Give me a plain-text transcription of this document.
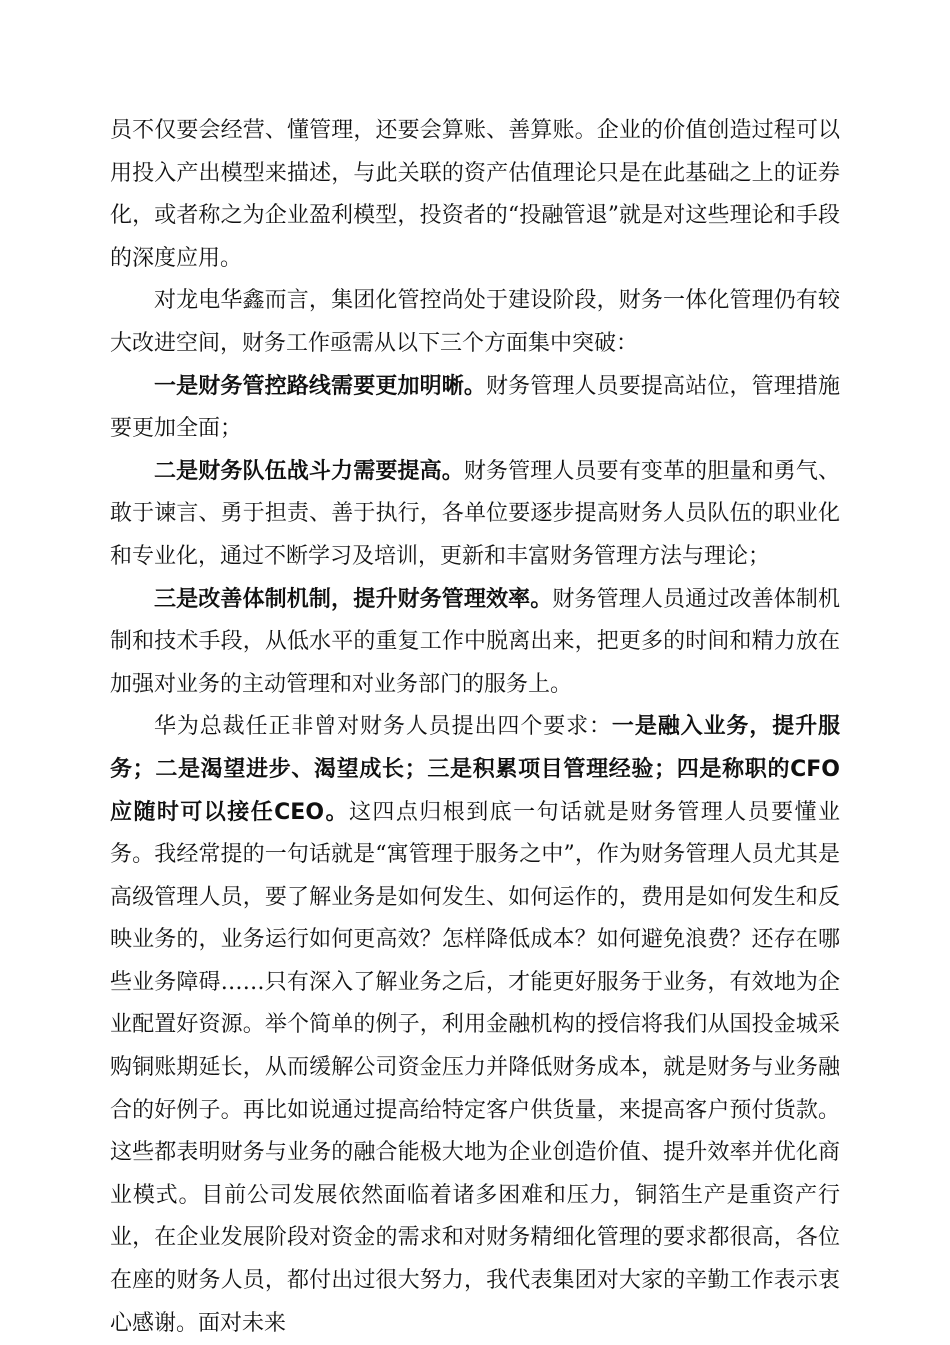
员不仅要会经营、懂管理，还要会算账、善算账。企业的价值创造过程可以用投入产出模型来描述，与此关联的资产估值理论只是在此基础之上的证券化，或者称之为企业盈利模型，投资者的“投融管退”就是对这些理论和手段的深度应用。

对龙电华鑫而言，集团化管控尚处于建设阶段，财务一体化管理仍有较大改进空间，财务工作亟需从以下三个方面集中突破：

一是财务管控路线需要更加明晰。财务管理人员要提高站位，管理措施要更加全面；

二是财务队伍战斗力需要提高。财务管理人员要有变革的胆量和勇气、敢于谏言、勇于担责、善于执行，各单位要逐步提高财务人员队伍的职业化和专业化，通过不断学习及培训，更新和丰富财务管理方法与理论；

三是改善体制机制，提升财务管理效率。财务管理人员通过改善体制机制和技术手段，从低水平的重复工作中脱离出来，把更多的时间和精力放在加强对业务的主动管理和对业务部门的服务上。

华为总裁任正非曾对财务人员提出四个要求：一是融入业务，提升服务；二是渴望进步、渴望成长；三是积累项目管理经验；四是称职的CFO应随时可以接任CEO。这四点归根到底一句话就是财务管理人员要懂业务。我经常提的一句话就是“寓管理于服务之中”，作为财务管理人员尤其是高级管理人员，要了解业务是如何发生、如何运作的，费用是如何发生和反映业务的，业务运行如何更高效？怎样降低成本？如何避免浪费？还存在哪些业务障碍……只有深入了解业务之后，才能更好服务于业务，有效地为企业配置好资源。举个简单的例子，利用金融机构的授信将我们从国投金城采购铜账期延长，从而缓解公司资金压力并降低财务成本，就是财务与业务融合的好例子。再比如说通过提高给特定客户供货量，来提高客户预付货款。这些都表明财务与业务的融合能极大地为企业创造价值、提升效率并优化商业模式。目前公司发展依然面临着诸多困难和压力，铜箔生产是重资产行业，在企业发展阶段对资金的需求和对财务精细化管理的要求都很高，各位在座的财务人员，都付出过很大努力，我代表集团对大家的辛勤工作表示衷心感谢。面对未来
